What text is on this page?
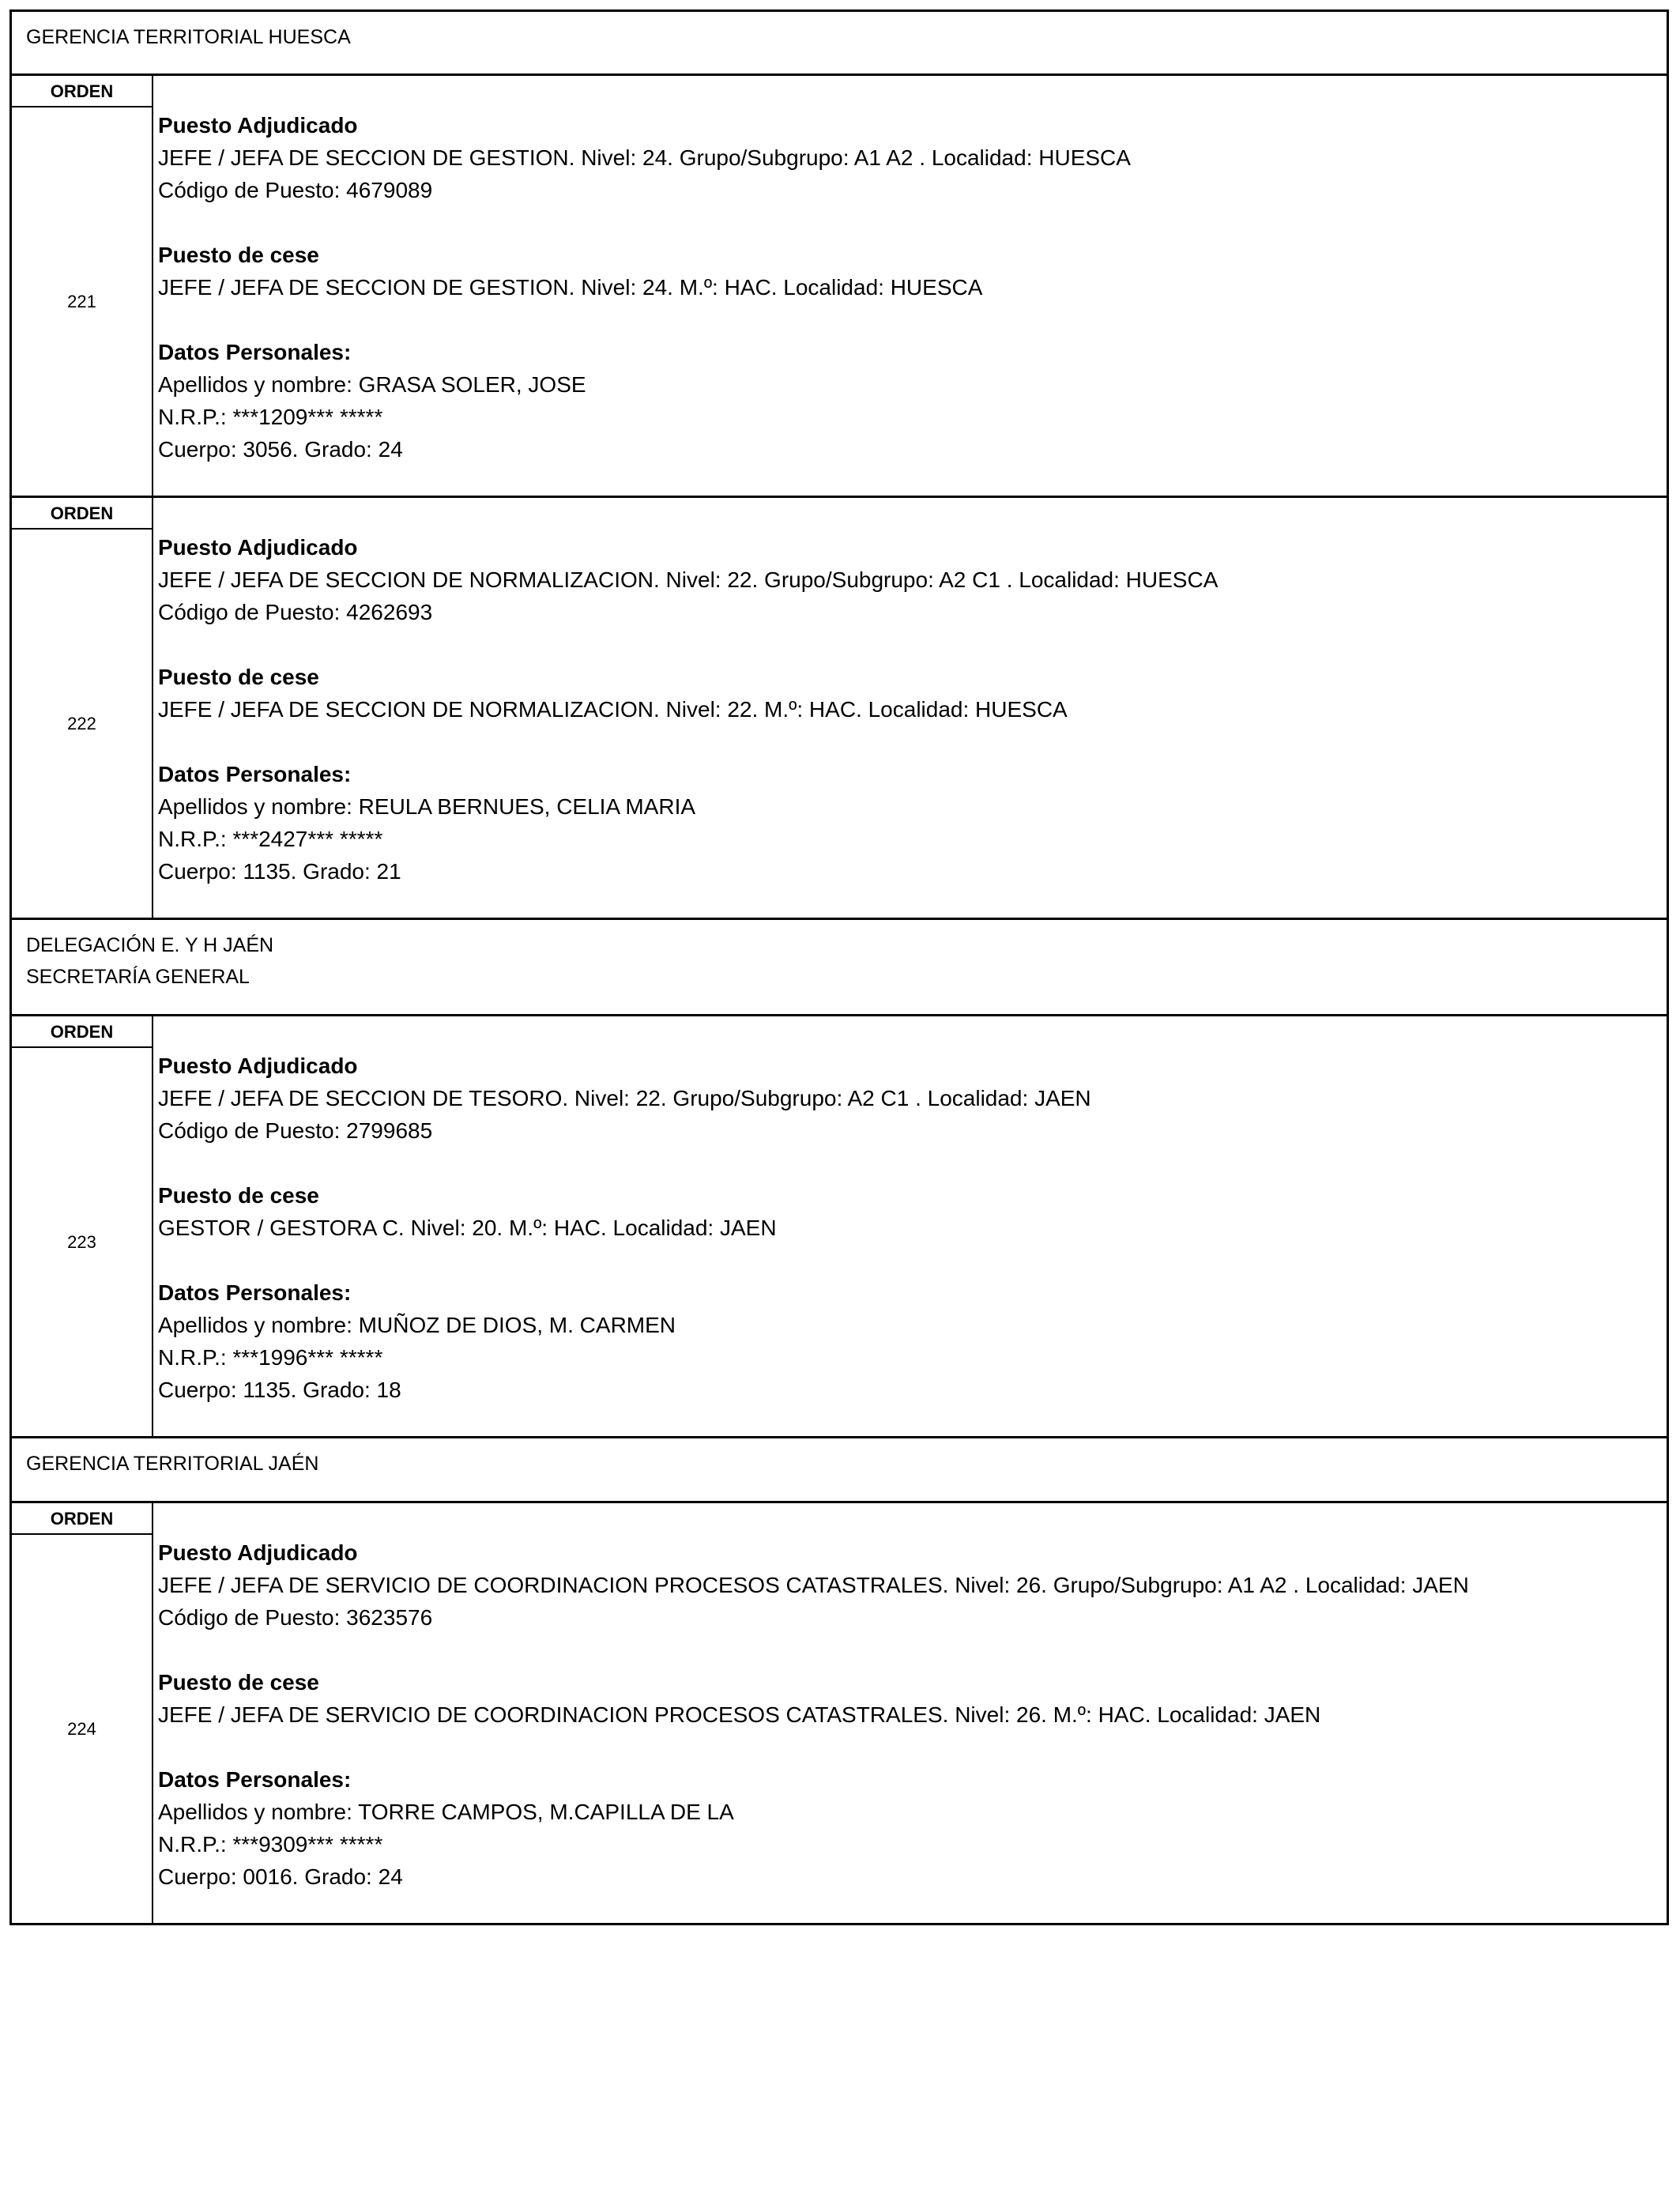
GERENCIA TERRITORIAL HUESCA
ORDEN
221
Puesto Adjudicado
JEFE / JEFA DE SECCION DE GESTION. Nivel: 24. Grupo/Subgrupo: A1 A2 . Localidad: HUESCA
Código de Puesto: 4679089
Puesto de cese
JEFE / JEFA DE SECCION DE GESTION. Nivel: 24. M.º: HAC. Localidad: HUESCA
Datos Personales:
Apellidos y nombre: GRASA SOLER, JOSE
N.R.P.: ***1209*** *****
Cuerpo: 3056. Grado: 24
ORDEN
222
Puesto Adjudicado
JEFE / JEFA DE SECCION DE NORMALIZACION. Nivel: 22. Grupo/Subgrupo: A2 C1 . Localidad: HUESCA
Código de Puesto: 4262693
Puesto de cese
JEFE / JEFA DE SECCION DE NORMALIZACION. Nivel: 22. M.º: HAC. Localidad: HUESCA
Datos Personales:
Apellidos y nombre: REULA BERNUES, CELIA MARIA
N.R.P.: ***2427*** *****
Cuerpo: 1135. Grado: 21
DELEGACIÓN E. Y H JAÉN
SECRETARÍA GENERAL
ORDEN
223
Puesto Adjudicado
JEFE / JEFA DE SECCION DE TESORO. Nivel: 22. Grupo/Subgrupo: A2 C1 . Localidad: JAEN
Código de Puesto: 2799685
Puesto de cese
GESTOR / GESTORA C. Nivel: 20. M.º: HAC. Localidad: JAEN
Datos Personales:
Apellidos y nombre: MUÑOZ DE DIOS, M. CARMEN
N.R.P.: ***1996*** *****
Cuerpo: 1135. Grado: 18
GERENCIA TERRITORIAL JAÉN
ORDEN
224
Puesto Adjudicado
JEFE / JEFA DE SERVICIO DE COORDINACION PROCESOS CATASTRALES. Nivel: 26. Grupo/Subgrupo: A1 A2 . Localidad: JAEN
Código de Puesto: 3623576
Puesto de cese
JEFE / JEFA DE SERVICIO DE COORDINACION PROCESOS CATASTRALES. Nivel: 26. M.º: HAC. Localidad: JAEN
Datos Personales:
Apellidos y nombre: TORRE CAMPOS, M.CAPILLA DE LA
N.R.P.: ***9309*** *****
Cuerpo: 0016. Grado: 24
